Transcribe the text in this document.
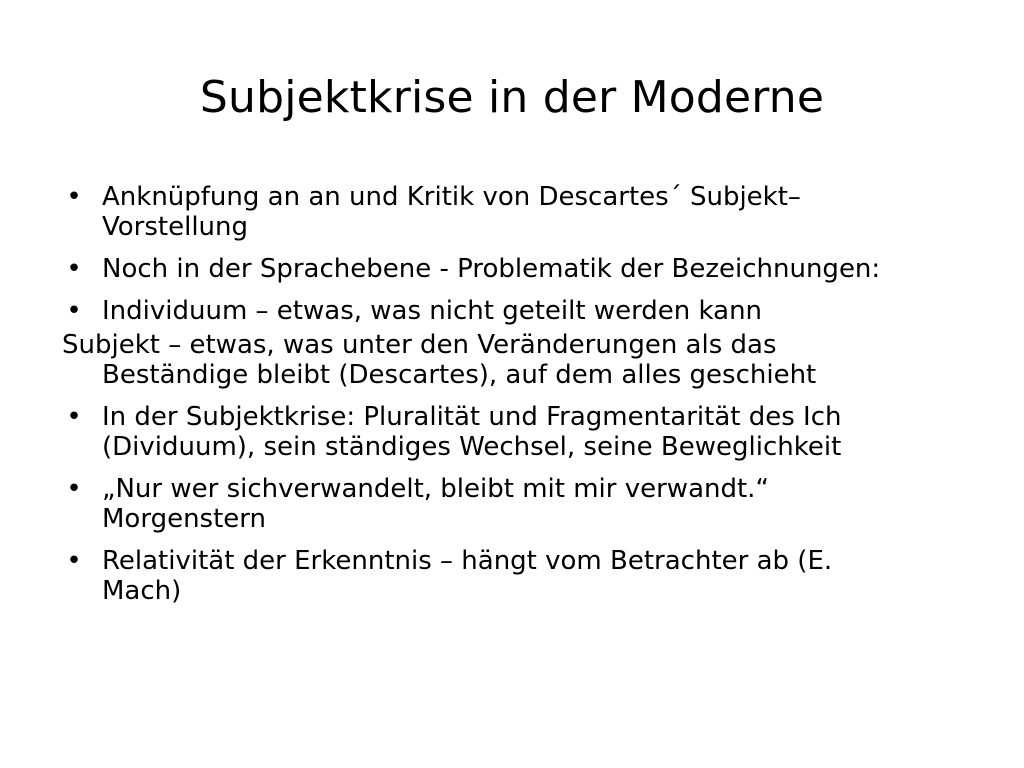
Subjektkrise in der Moderne
• Anknüpfung an an und Kritik von Descartes´ Subjekt–
Vorstellung
• Noch in der Sprachebene - Problematik der Bezeichnungen:
• Individuum – etwas, was nicht geteilt werden kann
Subjekt – etwas, was unter den Veränderungen als das
Beständige bleibt (Descartes), auf dem alles geschieht
• In der Subjektkrise: Pluralität und Fragmentarität des Ich
(Dividuum), sein ständiges Wechsel, seine Beweglichkeit
• „Nur wer sichverwandelt, bleibt mit mir verwandt.“
Morgenstern
• Relativität der Erkenntnis – hängt vom Betrachter ab (E.
Mach)
